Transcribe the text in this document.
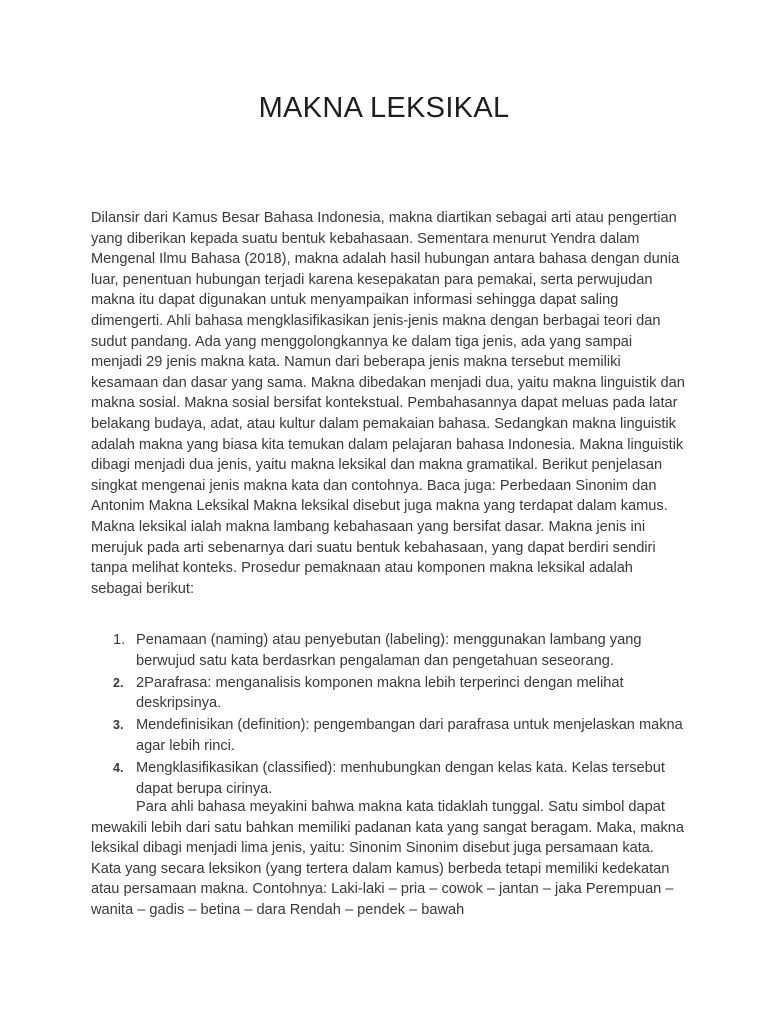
MAKNA LEKSIKAL

Dilansir dari Kamus Besar Bahasa Indonesia, makna diartikan sebagai arti atau pengertian yang diberikan kepada suatu bentuk kebahasaan. Sementara menurut Yendra dalam Mengenal Ilmu Bahasa (2018), makna adalah hasil hubungan antara bahasa dengan dunia luar, penentuan hubungan terjadi karena kesepakatan para pemakai, serta perwujudan makna itu dapat digunakan untuk menyampaikan informasi sehingga dapat saling dimengerti. Ahli bahasa mengklasifikasikan jenis-jenis makna dengan berbagai teori dan sudut pandang. Ada yang menggolongkannya ke dalam tiga jenis, ada yang sampai menjadi 29 jenis makna kata. Namun dari beberapa jenis makna tersebut memiliki kesamaan dan dasar yang sama. Makna dibedakan menjadi dua, yaitu makna linguistik dan makna sosial. Makna sosial bersifat kontekstual. Pembahasannya dapat meluas pada latar belakang budaya, adat, atau kultur dalam pemakaian bahasa. Sedangkan makna linguistik adalah makna yang biasa kita temukan dalam pelajaran bahasa Indonesia. Makna linguistik dibagi menjadi dua jenis, yaitu makna leksikal dan makna gramatikal. Berikut penjelasan singkat mengenai jenis makna kata dan contohnya. Baca juga: Perbedaan Sinonim dan Antonim Makna Leksikal Makna leksikal disebut juga makna yang terdapat dalam kamus. Makna leksikal ialah makna lambang kebahasaan yang bersifat dasar. Makna jenis ini merujuk pada arti sebenarnya dari suatu bentuk kebahasaan, yang dapat berdiri sendiri tanpa melihat konteks. Prosedur pemaknaan atau komponen makna leksikal adalah sebagai berikut:

1. Penamaan (naming) atau penyebutan (labeling): menggunakan lambang yang berwujud satu kata berdasrkan pengalaman dan pengetahuan seseorang.
2. 2Parafrasa: menganalisis komponen makna lebih terperinci dengan melihat deskripsinya.
3. Mendefinisikan (definition): pengembangan dari parafrasa untuk menjelaskan makna agar lebih rinci.
4. Mengklasifikasikan (classified): menhubungkan dengan kelas kata. Kelas tersebut dapat berupa cirinya.

Para ahli bahasa meyakini bahwa makna kata tidaklah tunggal. Satu simbol dapat mewakili lebih dari satu bahkan memiliki padanan kata yang sangat beragam. Maka, makna leksikal dibagi menjadi lima jenis, yaitu: Sinonim Sinonim disebut juga persamaan kata. Kata yang secara leksikon (yang tertera dalam kamus) berbeda tetapi memiliki kedekatan atau persamaan makna. Contohnya: Laki-laki – pria – cowok – jantan – jaka Perempuan – wanita – gadis – betina – dara Rendah – pendek – bawah
